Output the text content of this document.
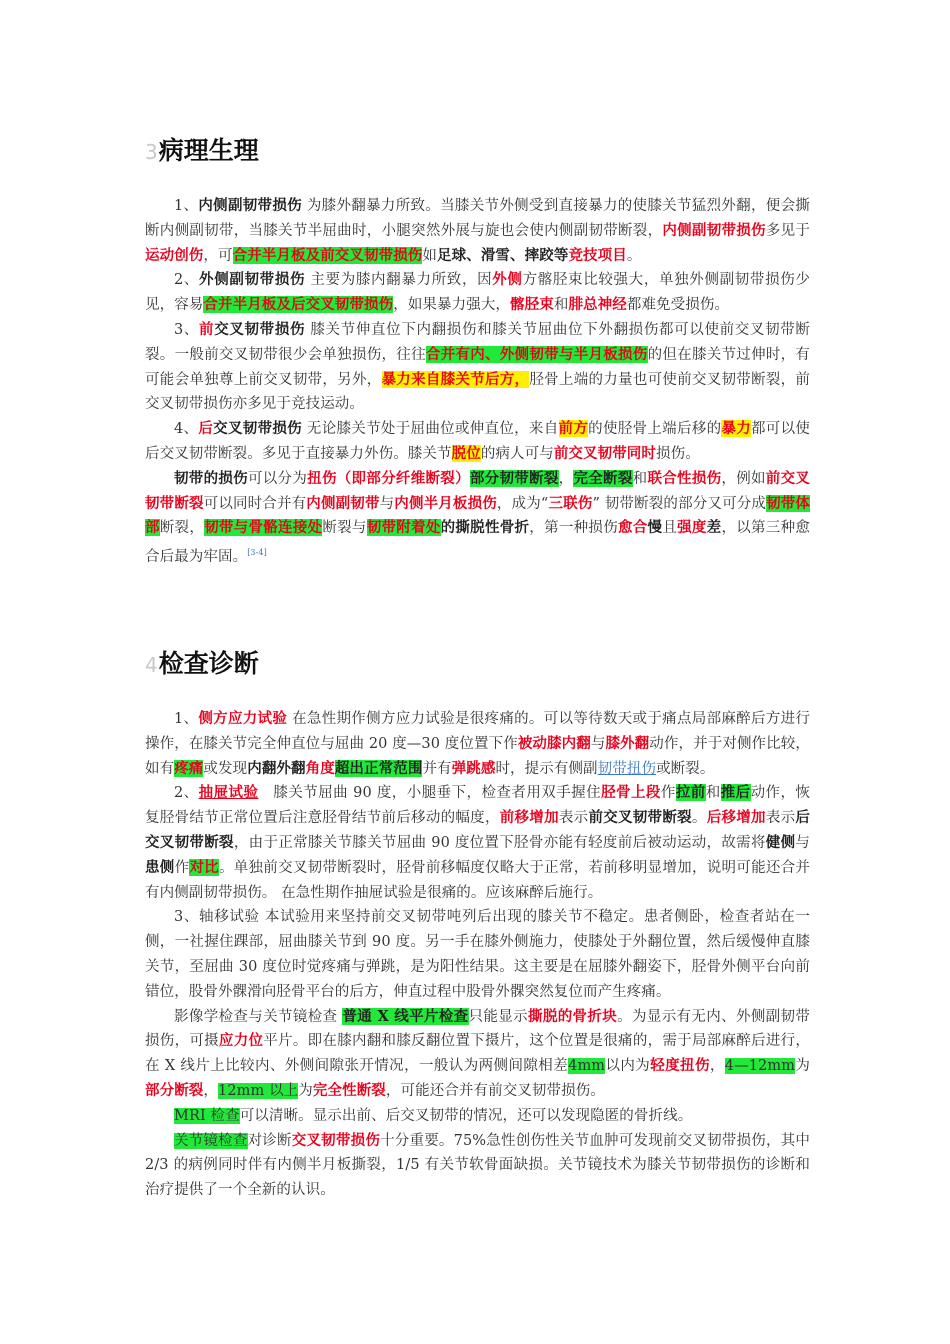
3病理生理

1、内侧副韧带损伤 为膝外翻暴力所致。当膝关节外侧受到直接暴力的使膝关节猛烈外翻，便会撕断内侧副韧带，当膝关节半屈曲时，小腿突然外展与旋也会使内侧副韧带断裂，内侧副韧带损伤多见于运动创伤，可合并半月板及前交叉韧带损伤如足球、滑雪、摔跤等竞技项目。

2、外侧副韧带损伤 主要为膝内翻暴力所致，因外侧方髂胫束比较强大，单独外侧副韧带损伤少见，容易合并半月板及后交叉韧带损伤，如果暴力强大，髂胫束和腓总神经都难免受损伤。

3、前交叉韧带损伤 膝关节伸直位下内翻损伤和膝关节屈曲位下外翻损伤都可以使前交叉韧带断裂。一般前交叉韧带很少会单独损伤，往往合并有内、外侧韧带与半月板损伤的但在膝关节过伸时，有可能会单独尊上前交叉韧带，另外，暴力来自膝关节后方，胫骨上端的力量也可使前交叉韧带断裂，前交叉韧带损伤亦多见于竞技运动。

4、后交叉韧带损伤 无论膝关节处于屈曲位或伸直位，来自前方的使胫骨上端后移的暴力都可以使后交叉韧带断裂。多见于直接暴力外伤。膝关节脱位的病人可与前交叉韧带同时损伤。

韧带的损伤可以分为扭伤（即部分纤维断裂）部分韧带断裂，完全断裂和联合性损伤，例如前交叉韧带断裂可以同时合并有内侧副韧带与内侧半月板损伤，成为“三联伤” 韧带断裂的部分又可分成韧带体部断裂，韧带与骨骼连接处断裂与韧带附着处的撕脱性骨折，第一种损伤愈合慢且强度差，以第三种愈合后最为牢固。[3-4]

4检查诊断

1、侧方应力试验 在急性期作侧方应力试验是很疼痛的。可以等待数天或于痛点局部麻醉后方进行操作，在膝关节完全伸直位与屈曲 20 度—30 度位置下作被动膝内翻与膝外翻动作，并于对侧作比较，如有疼痛或发现内翻外翻角度超出正常范围并有弹跳感时，提示有侧副韧带扭伤或断裂。

2、抽屉试验　膝关节屈曲 90 度，小腿垂下，检查者用双手握住胫骨上段作拉前和推后动作，恢复胫骨结节正常位置后注意胫骨结节前后移动的幅度，前移增加表示前交叉韧带断裂。后移增加表示后交叉韧带断裂，由于正常膝关节膝关节屈曲 90 度位置下胫骨亦能有轻度前后被动运动，故需将健侧与患侧作对比。单独前交叉韧带断裂时，胫骨前移幅度仅略大于正常，若前移明显增加，说明可能还合并有内侧副韧带损伤。 在急性期作抽屉试验是很痛的。应该麻醉后施行。

3、轴移试验 本试验用来坚持前交叉韧带吨列后出现的膝关节不稳定。患者侧卧，检查者站在一侧，一社握住踝部，屈曲膝关节到 90 度。另一手在膝外侧施力，使膝处于外翻位置，然后缓慢伸直膝关节，至屈曲 30 度位时觉疼痛与弹跳，是为阳性结果。这主要是在屈膝外翻姿下，胫骨外侧平台向前错位，股骨外髁滑向胫骨平台的后方，伸直过程中股骨外髁突然复位而产生疼痛。

影像学检查与关节镜检查 普通 X 线平片检查只能显示撕脱的骨折块。为显示有无内、外侧副韧带损伤，可摄应力位平片。即在膝内翻和膝反翻位置下摄片，这个位置是很痛的，需于局部麻醉后进行，在 X 线片上比较内、外侧间隙张开情况，一般认为两侧间隙相差4mm以内为轻度扭伤，4—12mm为部分断裂，12mm 以上为完全性断裂，可能还合并有前交叉韧带损伤。

MRI 检查可以清晰。显示出前、后交叉韧带的情况，还可以发现隐匿的骨折线。

关节镜检查对诊断交叉韧带损伤十分重要。75%急性创伤性关节血肿可发现前交叉韧带损伤，其中 2/3 的病例同时伴有内侧半月板撕裂，1/5 有关节软骨面缺损。关节镜技术为膝关节韧带损伤的诊断和治疗提供了一个全新的认识。
